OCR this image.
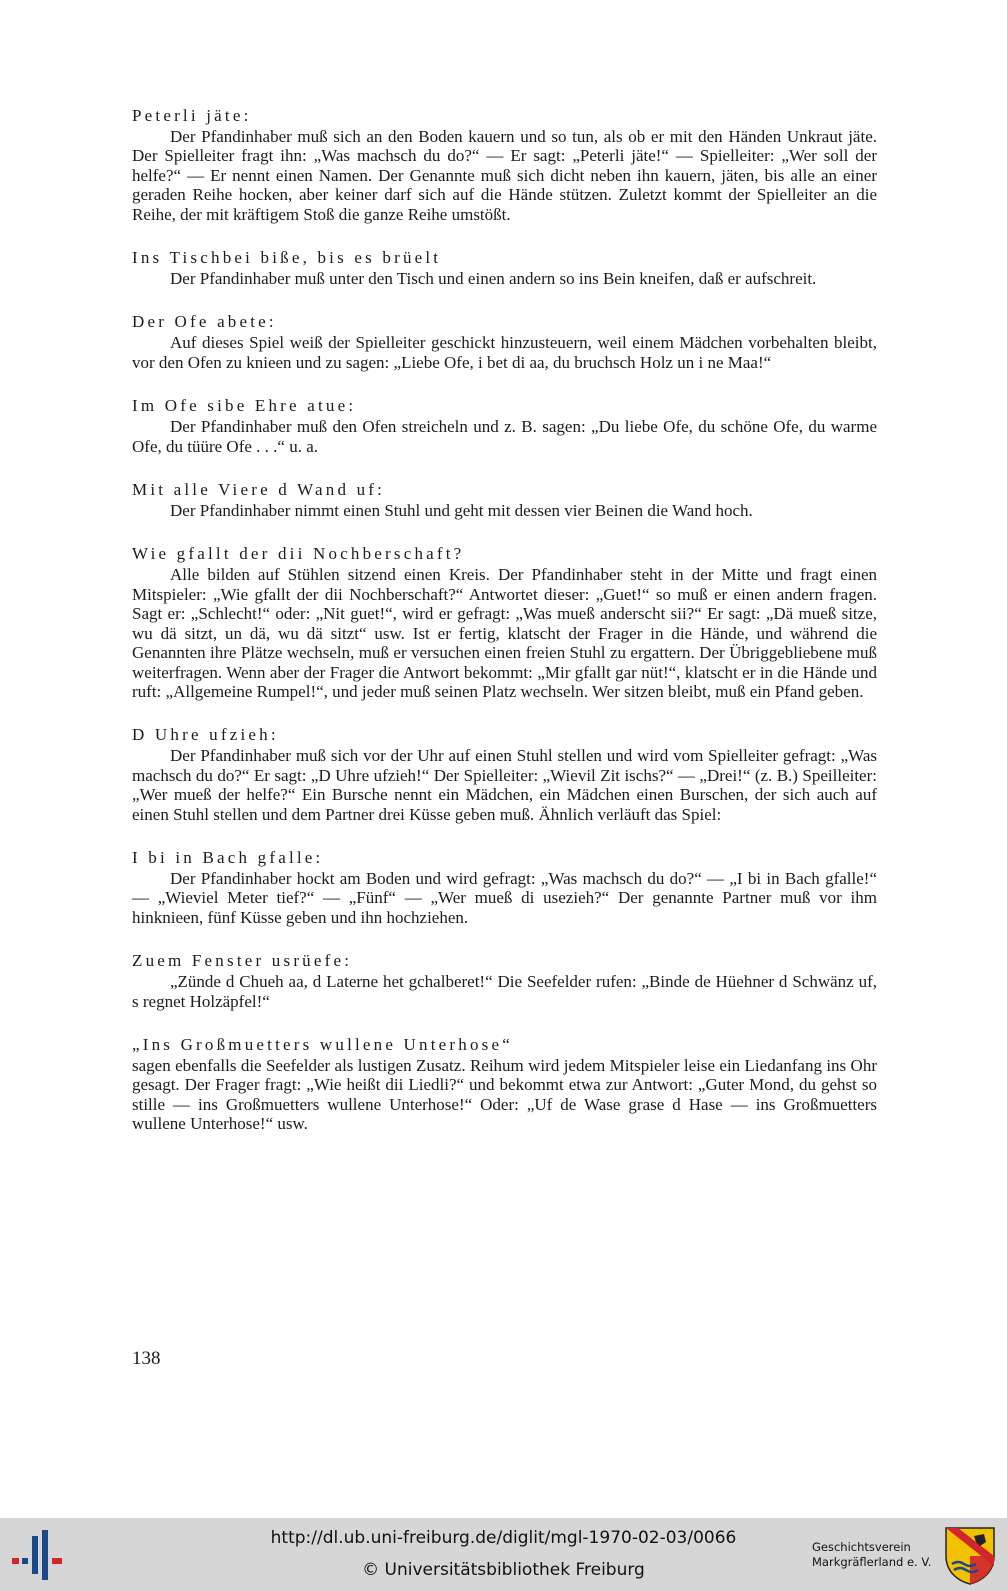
Peterli jäte:

Der Pfandinhaber muß sich an den Boden kauern und so tun, als ob er mit den Händen Unkraut jäte. Der Spielleiter fragt ihn: „Was machsch du do?“ — Er sagt: „Peterli jäte!“ — Spielleiter: „Wer soll der helfe?“ — Er nennt einen Namen. Der Genannte muß sich dicht neben ihn kauern, jäten, bis alle an einer geraden Reihe hocken, aber keiner darf sich auf die Hände stützen. Zuletzt kommt der Spielleiter an die Reihe, der mit kräftigem Stoß die ganze Reihe umstößt.

Ins Tischbei biße, bis es brüelt

Der Pfandinhaber muß unter den Tisch und einen andern so ins Bein kneifen, daß er aufschreit.

Der Ofe abete:

Auf dieses Spiel weiß der Spielleiter geschickt hinzusteuern, weil einem Mädchen vorbehalten bleibt, vor den Ofen zu knieen und zu sagen: „Liebe Ofe, i bet di aa, du bruchsch Holz un i ne Maa!“

Im Ofe sibe Ehre atue:

Der Pfandinhaber muß den Ofen streicheln und z. B. sagen: „Du liebe Ofe, du schöne Ofe, du warme Ofe, du tüüre Ofe . . .“ u. a.

Mit alle Viere d Wand uf:

Der Pfandinhaber nimmt einen Stuhl und geht mit dessen vier Beinen die Wand hoch.

Wie gfallt der dii Nochberschaft?

Alle bilden auf Stühlen sitzend einen Kreis. Der Pfandinhaber steht in der Mitte und fragt einen Mitspieler: „Wie gfallt der dii Nochberschaft?“ Antwortet dieser: „Guet!“ so muß er einen andern fragen. Sagt er: „Schlecht!“ oder: „Nit guet!“, wird er gefragt: „Was mueß anderscht sii?“ Er sagt: „Dä mueß sitze, wu dä sitzt, un dä, wu dä sitzt“ usw. Ist er fertig, klatscht der Frager in die Hände, und während die Genannten ihre Plätze wechseln, muß er versuchen einen freien Stuhl zu ergattern. Der Übriggebliebene muß weiterfragen. Wenn aber der Frager die Antwort bekommt: „Mir gfallt gar nüt!“, klatscht er in die Hände und ruft: „Allgemeine Rumpel!“, und jeder muß seinen Platz wechseln. Wer sitzen bleibt, muß ein Pfand geben.

D Uhre ufzieh:

Der Pfandinhaber muß sich vor der Uhr auf einen Stuhl stellen und wird vom Spielleiter gefragt: „Was machsch du do?“ Er sagt: „D Uhre ufzieh!“ Der Spielleiter: „Wievil Zit ischs?“ — „Drei!“ (z. B.) Speilleiter: „Wer mueß der helfe?“ Ein Bursche nennt ein Mädchen, ein Mädchen einen Burschen, der sich auch auf einen Stuhl stellen und dem Partner drei Küsse geben muß. Ähnlich verläuft das Spiel:

I bi in Bach gfalle:

Der Pfandinhaber hockt am Boden und wird gefragt: „Was machsch du do?“ — „I bi in Bach gfalle!“ — „Wieviel Meter tief?“ — „Fünf“ — „Wer mueß di usezieh?“ Der genannte Partner muß vor ihm hinknieen, fünf Küsse geben und ihn hochziehen.

Zuem Fenster usrüefe:

„Zünde d Chueh aa, d Laterne het gchalberet!“ Die Seefelder rufen: „Binde de Hüehner d Schwänz uf, s regnet Holzäpfel!“

„Ins Großmuetters wullene Unterhose“

sagen ebenfalls die Seefelder als lustigen Zusatz. Reihum wird jedem Mitspieler leise ein Liedanfang ins Ohr gesagt. Der Frager fragt: „Wie heißt dii Liedli?“ und bekommt etwa zur Antwort: „Guter Mond, du gehst so stille — ins Großmuetters wullene Unterhose!“ Oder: „Uf de Wase grase d Hase — ins Großmuetters wullene Unterhose!“ usw.

138
http://dl.ub.uni-freiburg.de/diglit/mgl-1970-02-03/0066
© Universitätsbibliothek Freiburg
Geschichtsverein
Markgräflerland e. V.
